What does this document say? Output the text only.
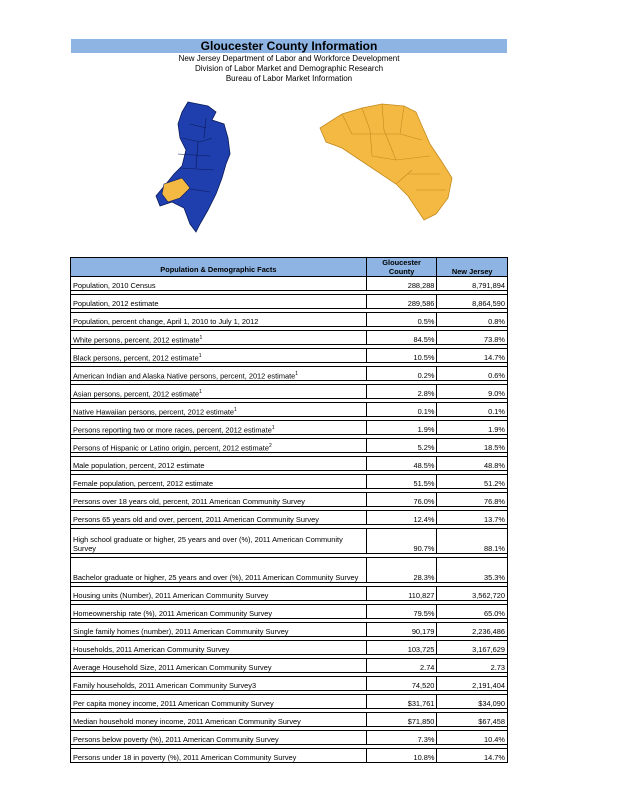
Gloucester County Information
New Jersey Department of Labor and Workforce Development
Division of Labor Market and Demographic Research
Bureau of Labor Market Information
Population & Demographic Facts	Gloucester County	New Jersey
Population, 2010 Census	288,288	8,791,894

Population, 2012 estimate	289,586	8,864,590

Population, percent change, April 1, 2010 to July 1, 2012	0.5%	0.8%

White persons, percent, 2012 estimate$^1$	84.5%	73.8%

Black persons, percent, 2012 estimate$^1$	10.5%	14.7%

American Indian and Alaska Native persons, percent, 2012 estimate$^1$	0.2%	0.6%

Asian persons, percent, 2012 estimate$^1$	2.8%	9.0%

Native Hawaiian persons, percent, 2012 estimate$^1$	0.1%	0.1%

Persons reporting two or more races, percent, 2012 estimate$^1$	1.9%	1.9%

Persons of Hispanic or Latino origin, percent, 2012 estimate$^2$	5.2%	18.5%

Male population, percent, 2012 estimate	48.5%	48.8%

Female population, percent, 2012 estimate	51.5%	51.2%

Persons over 18 years old, percent, 2011 American Community Survey	76.0%	76.8%

Persons 65 years old and over, percent, 2011 American Community Survey	12.4%	13.7%

High school graduate or higher, 25 years and over (%), 2011 American Community Survey	90.7%	88.1%

Bachelor graduate or higher, 25 years and over (%), 2011 American Community Survey	28.3%	35.3%

Housing units (Number), 2011 American Community Survey	110,827	3,562,720

Homeownership rate (%), 2011 American Community Survey	79.5%	65.0%

Single family homes (number), 2011 American Community Survey	90,179	2,236,486

Households, 2011 American Community Survey	103,725	3,167,629

Average Household Size, 2011 American Community Survey	2.74	2.73

Family households, 2011 American Community Survey3	74,520	2,191,404

Per capita money income, 2011 American Community Survey	$31,761	$34,090

Median household money income, 2011 American Community Survey	$71,850	$67,458

Persons below poverty (%), 2011 American Community Survey	7.3%	10.4%

Persons under 18 in poverty (%), 2011 American Community Survey	10.8%	14.7%
